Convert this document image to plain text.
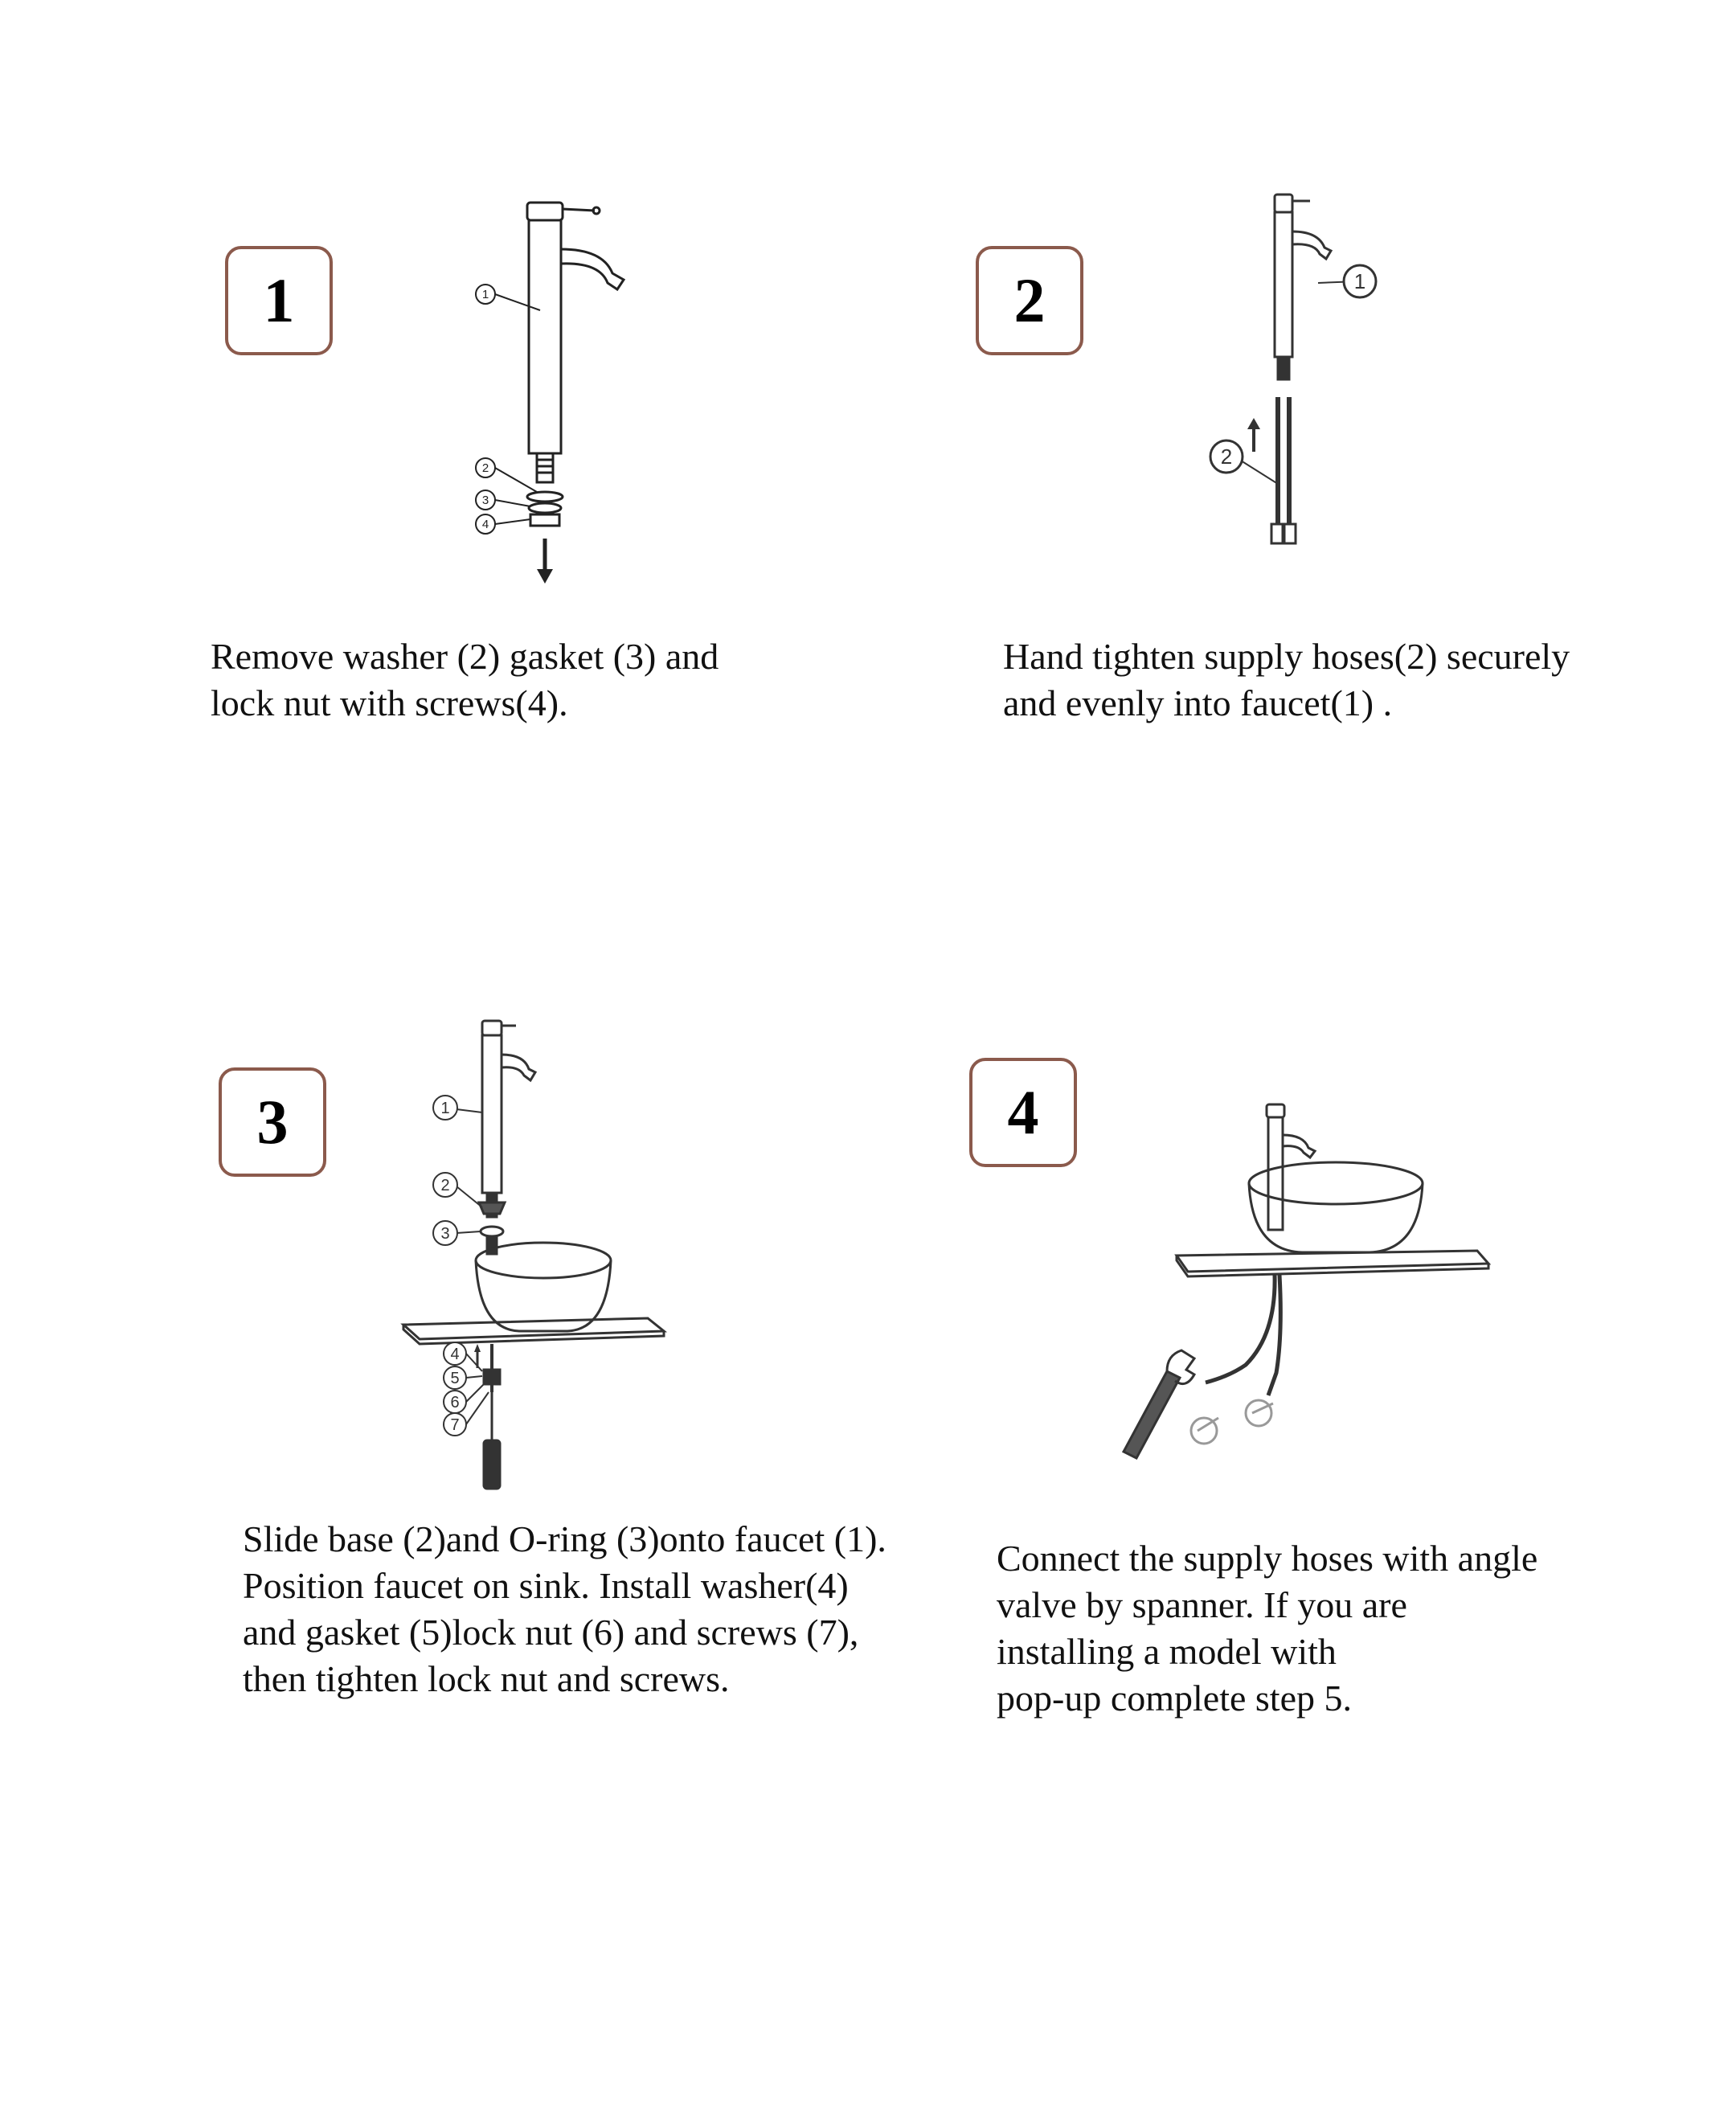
1	1
2
3
4
Remove washer (2) gasket (3) and
lock nut with screws(4).
2	1
2
Hand tighten supply hoses(2) securely
and evenly into faucet(1) .
3	1
2
3
4
5
6
7
Slide base (2)and O-ring (3)onto faucet (1).
Position faucet on sink. Install washer(4)
and gasket (5)lock nut (6) and screws (7),
then tighten lock nut and screws.
4
Connect the supply hoses with angle
valve by spanner. If you are
installing a model with
pop-up complete step 5.
